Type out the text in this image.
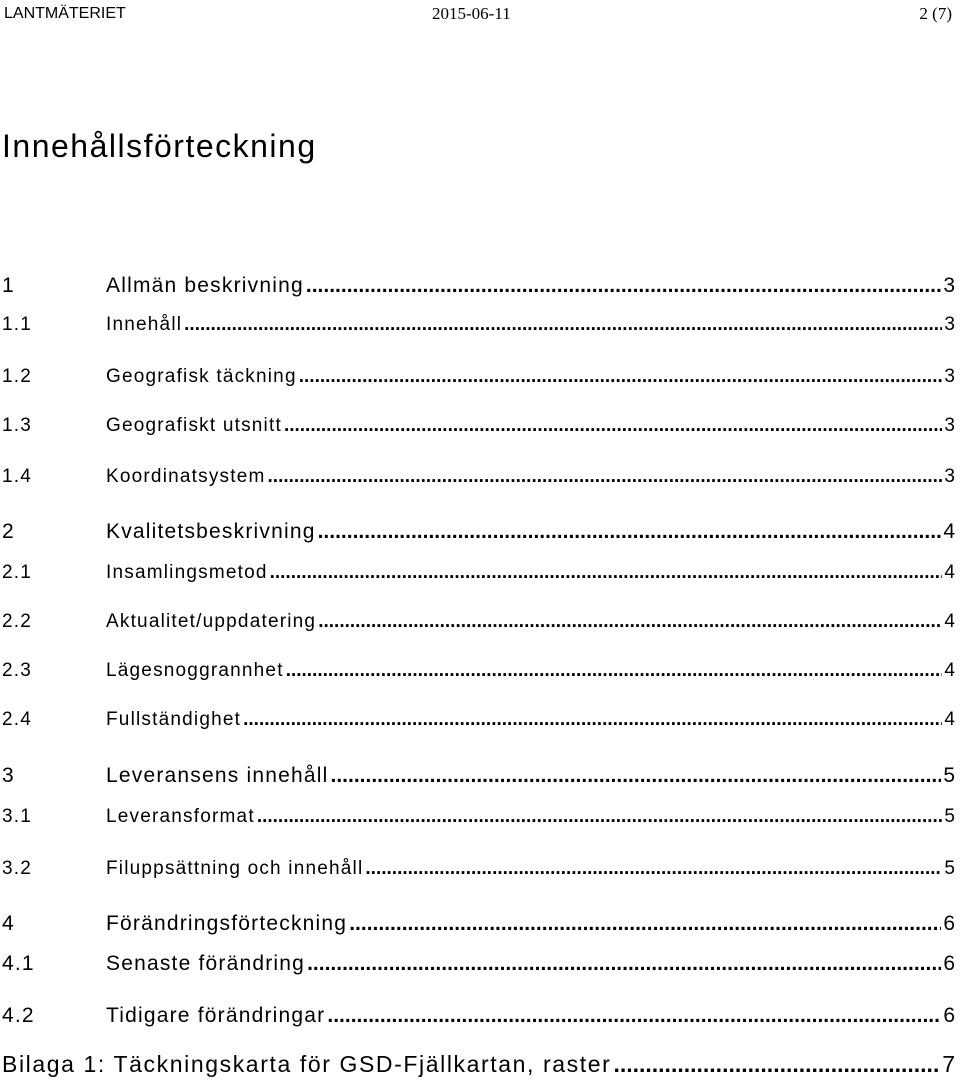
LANTMÄTERIET	2015-06-11	2 (7)
Innehållsförteckning
1	Allmän beskrivning .....	3
1.1	Innehåll .....	3
1.2	Geografisk täckning .....	3
1.3	Geografiskt utsnitt .....	3
1.4	Koordinatsystem .....	3
2	Kvalitetsbeskrivning .....	4
2.1	Insamlingsmetod .....	4
2.2	Aktualitet/uppdatering .....	4
2.3	Lägesnoggrannhet .....	4
2.4	Fullständighet .....	4
3	Leveransens innehåll .....	5
3.1	Leveransformat .....	5
3.2	Filuppsättning och innehåll .....	5
4	Förändringsförteckning .....	6
4.1	Senaste förändring .....	6
4.2	Tidigare förändringar .....	6
Bilaga 1: Täckningskarta för GSD-Fjällkartan, raster .....	7
